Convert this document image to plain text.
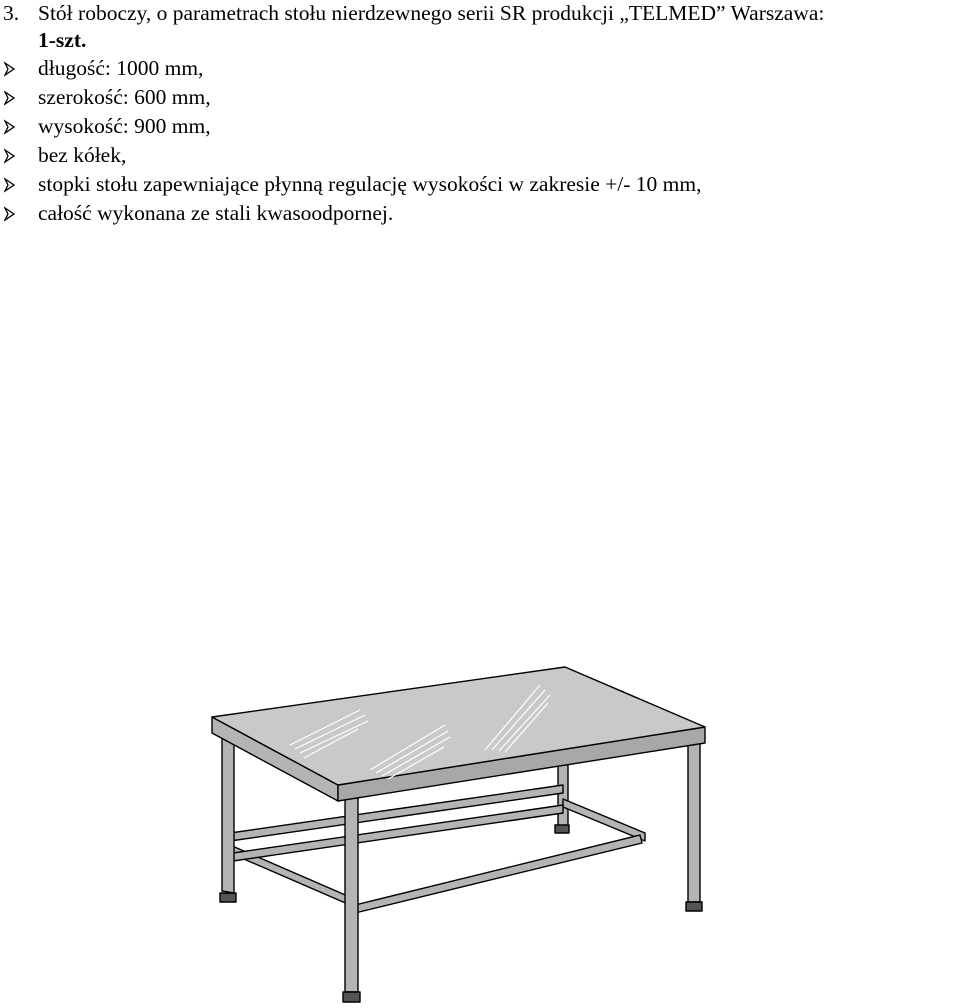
3. Stół roboczy, o parametrach stołu nierdzewnego serii SR produkcji „TELMED” Warszawa:
1-szt.
długość: 1000 mm,
szerokość: 600 mm,
wysokość: 900 mm,
bez kółek,
stopki stołu zapewniające płynną regulację wysokości w zakresie +/- 10 mm,
całość wykonana ze stali kwasoodpornej.
